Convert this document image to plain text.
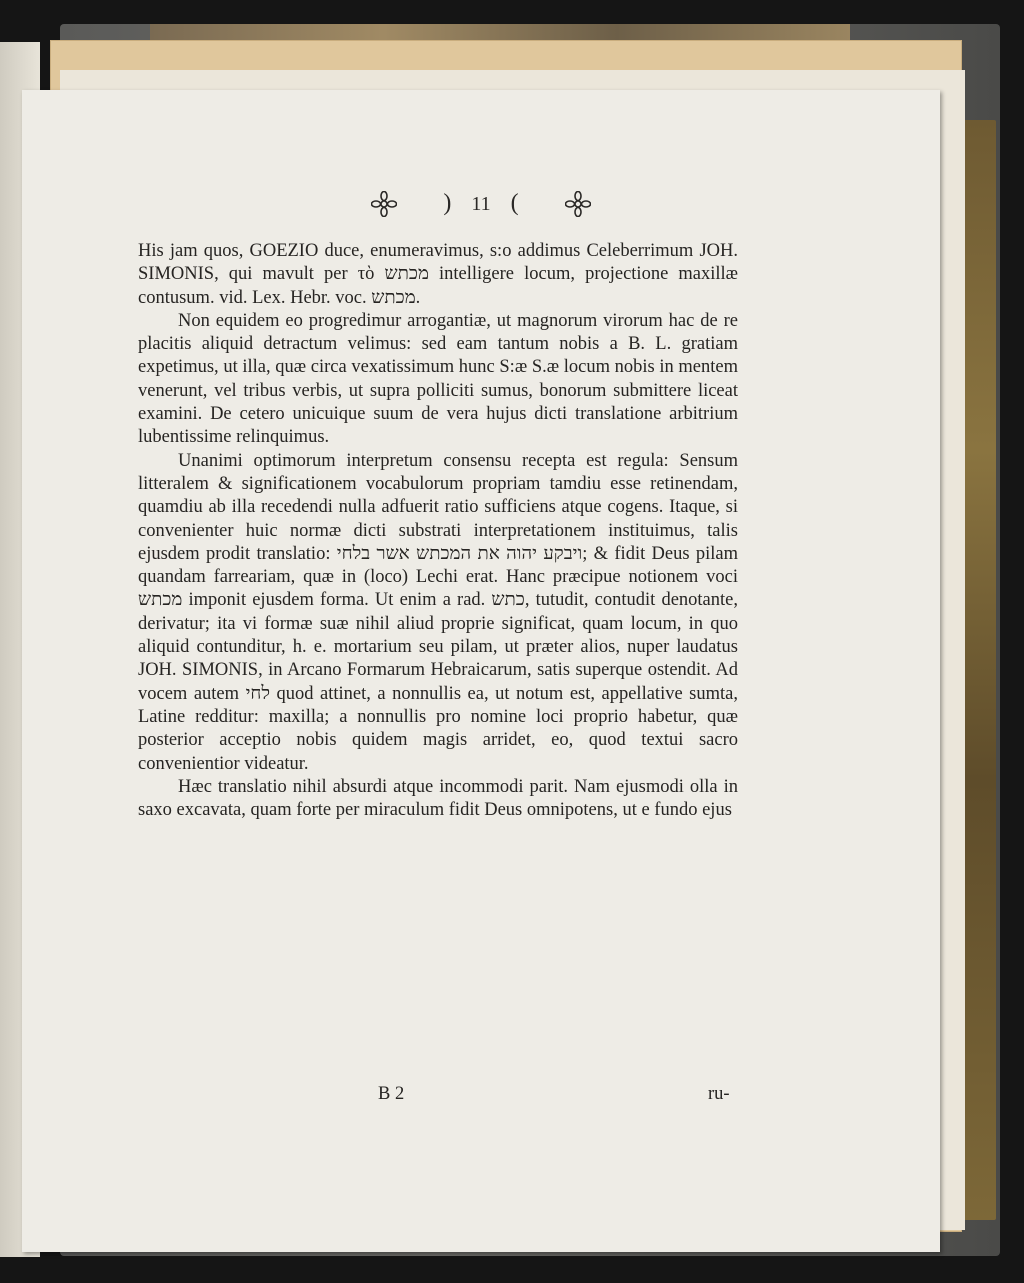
) 11 (

His jam quos, GOEZIO duce, enumeravimus, s:o addimus Celeberrimum JOH. SIMONIS, qui mavult per τὸ מכתש intelligere locum, projectione maxillæ contusum. vid. Lex. Hebr. voc. מכתש.

Non equidem eo progredimur arrogantiæ, ut magnorum virorum hac de re placitis aliquid detractum velimus: sed eam tantum nobis a B. L. gratiam expetimus, ut illa, quæ circa vexatissimum hunc S:æ S.æ locum nobis in mentem venerunt, vel tribus verbis, ut supra polliciti sumus, bonorum submittere liceat examini. De cetero unicuique suum de vera hujus dicti translatione arbitrium lubentissime relinquimus.

Unanimi optimorum interpretum consensu recepta est regula: Sensum litteralem & significationem vocabulorum propriam tamdiu esse retinendam, quamdiu ab illa recedendi nulla adfuerit ratio sufficiens atque cogens. Itaque, si convenienter huic normæ dicti substrati interpretationem instituimus, talis ejusdem prodit translatio: ויבקע יהוה את המכתש אשר בלחי; & fidit Deus pilam quandam farreariam, quæ in (loco) Lechi erat. Hanc præcipue notionem voci מכתש imponit ejusdem forma. Ut enim a rad. כתש, tutudit, contudit denotante, derivatur; ita vi formæ suæ nihil aliud proprie significat, quam locum, in quo aliquid contunditur, h. e. mortarium seu pilam, ut præter alios, nuper laudatus JOH. SIMONIS, in Arcano Formarum Hebraicarum, satis superque ostendit. Ad vocem autem לחי quod attinet, a nonnullis ea, ut notum est, appellative sumta, Latine redditur: maxilla; a nonnullis pro nomine loci proprio habetur, quæ posterior acceptio nobis quidem magis arridet, eo, quod textui sacro convenientior videatur.

Hæc translatio nihil absurdi atque incommodi parit. Nam ejusmodi olla in saxo excavata, quam forte per miraculum fidit Deus omnipotens, ut e fundo ejus

B 2	ru-
